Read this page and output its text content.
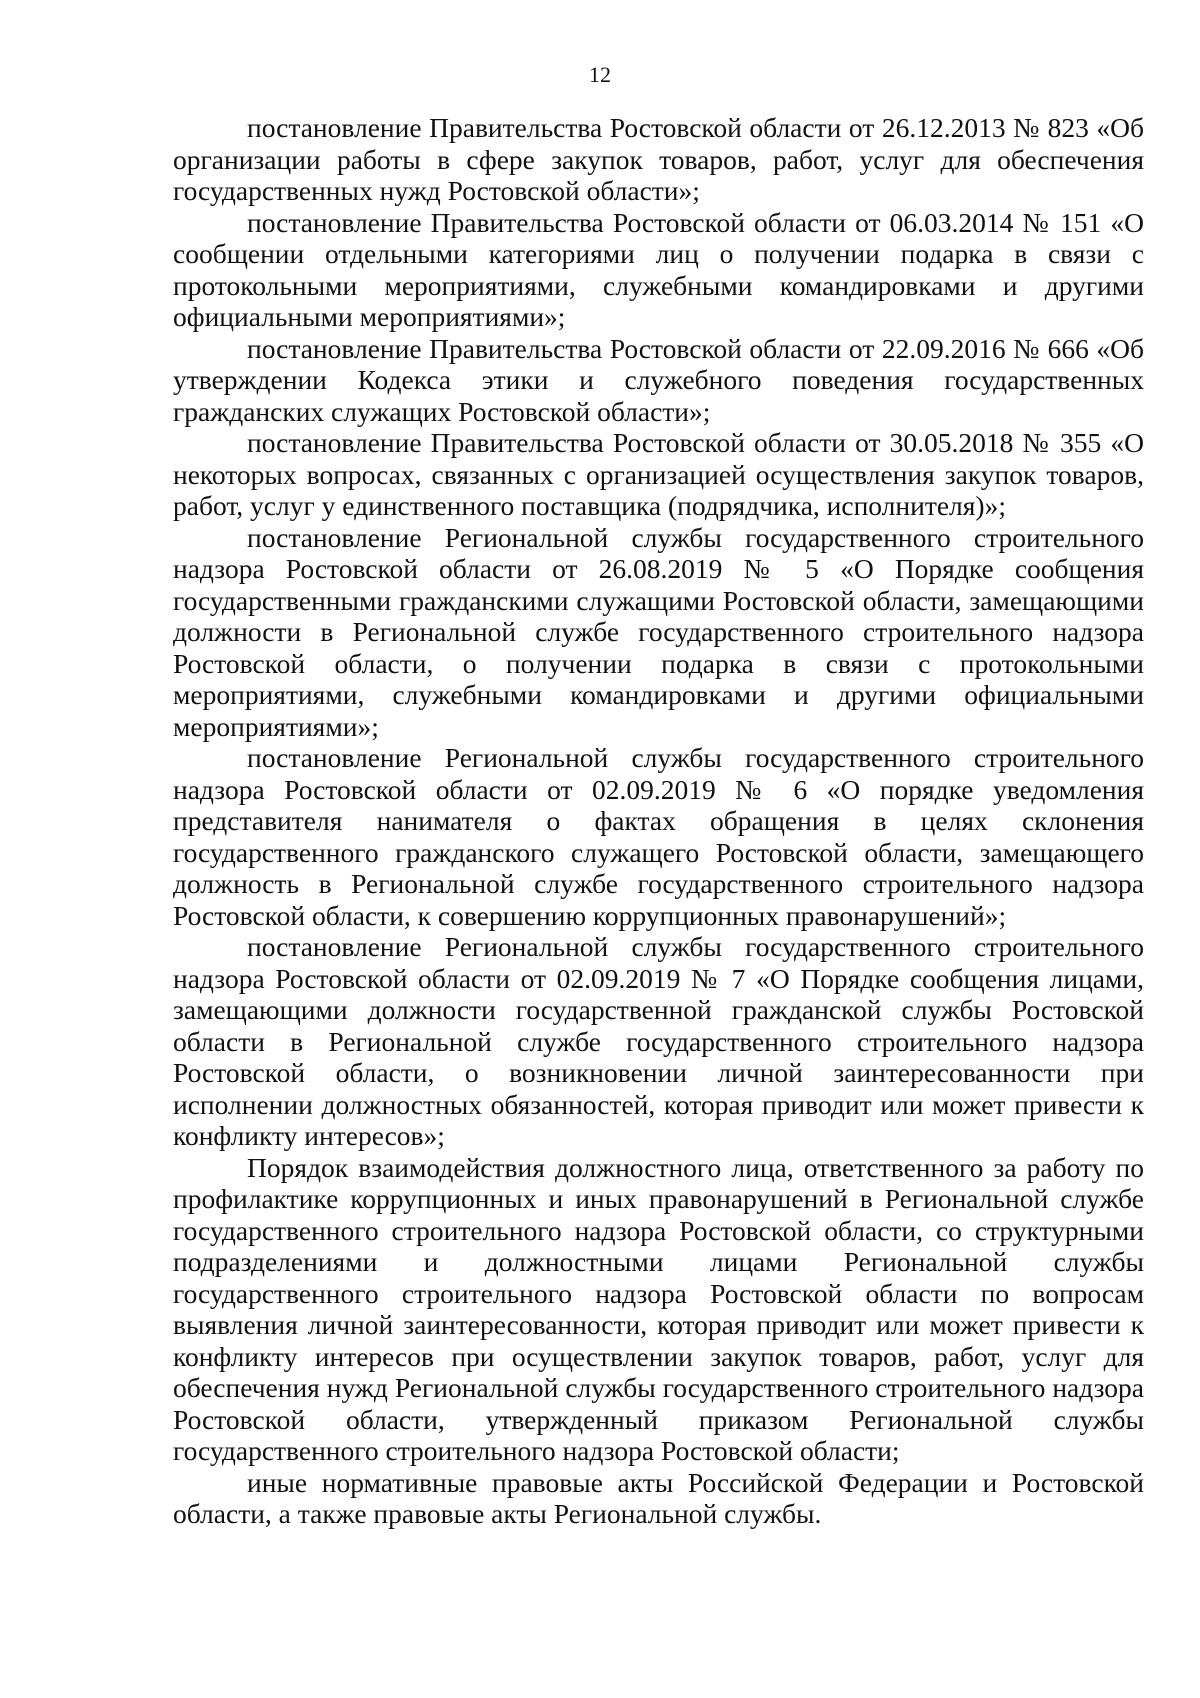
12

постановление Правительства Ростовской области от 26.12.2013 № 823 «Об организации работы в сфере закупок товаров, работ, услуг для обеспечения государственных нужд Ростовской области»;

постановление Правительства Ростовской области от 06.03.2014 № 151 «О сообщении отдельными категориями лиц о получении подарка в связи с протокольными мероприятиями, служебными командировками и другими официальными мероприятиями»;

постановление Правительства Ростовской области от 22.09.2016 № 666 «Об утверждении Кодекса этики и служебного поведения государственных гражданских служащих Ростовской области»;

постановление Правительства Ростовской области от 30.05.2018 № 355 «О некоторых вопросах, связанных с организацией осуществления закупок товаров, работ, услуг у единственного поставщика (подрядчика, исполнителя)»;

постановление Региональной службы государственного строительного надзора Ростовской области от 26.08.2019 № 5 «О Порядке сообщения государственными гражданскими служащими Ростовской области, замещающими должности в Региональной службе государственного строительного надзора Ростовской области, о получении подарка в связи с протокольными мероприятиями, служебными командировками и другими официальными мероприятиями»;

постановление Региональной службы государственного строительного надзора Ростовской области от 02.09.2019 № 6 «О порядке уведомления представителя нанимателя о фактах обращения в целях склонения государственного гражданского служащего Ростовской области, замещающего должность в Региональной службе государственного строительного надзора Ростовской области, к совершению коррупционных правонарушений»;

постановление Региональной службы государственного строительного надзора Ростовской области от 02.09.2019 № 7 «О Порядке сообщения лицами, замещающими должности государственной гражданской службы Ростовской области в Региональной службе государственного строительного надзора Ростовской области, о возникновении личной заинтересованности при исполнении должностных обязанностей, которая приводит или может привести к конфликту интересов»;

Порядок взаимодействия должностного лица, ответственного за работу по профилактике коррупционных и иных правонарушений в Региональной службе государственного строительного надзора Ростовской области, со структурными подразделениями и должностными лицами Региональной службы государственного строительного надзора Ростовской области по вопросам выявления личной заинтересованности, которая приводит или может привести к конфликту интересов при осуществлении закупок товаров, работ, услуг для обеспечения нужд Региональной службы государственного строительного надзора Ростовской области, утвержденный приказом Региональной службы государственного строительного надзора Ростовской области;

иные нормативные правовые акты Российской Федерации и Ростовской области, а также правовые акты Региональной службы.
